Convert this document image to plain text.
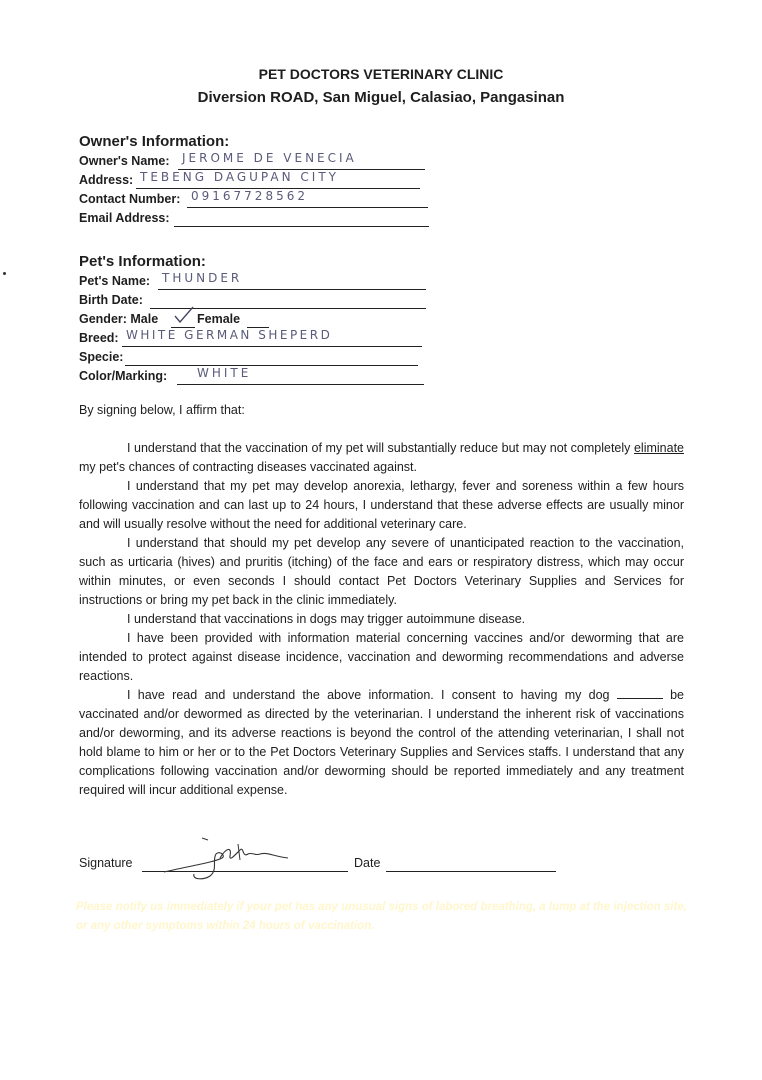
PET DOCTORS VETERINARY CLINIC
Diversion ROAD, San Miguel, Calasiao, Pangasinan
Owner's Information:
Owner's Name: JEROME DE VENECIA
Address: TEBENG DAGUPAN CITY
Contact Number: 09167728562
Email Address:
Pet's Information:
Pet's Name: THUNDER
Birth Date:
Gender: Male	Female
Breed: WHITE GERMAN SHEPERD
Specie:
Color/Marking: WHITE
By signing below, I affirm that:

I understand that the vaccination of my pet will substantially reduce but may not completely eliminate my pet's chances of contracting diseases vaccinated against.

I understand that my pet may develop anorexia, lethargy, fever and soreness within a few hours following vaccination and can last up to 24 hours, I understand that these adverse effects are usually minor and will usually resolve without the need for additional veterinary care.

I understand that should my pet develop any severe of unanticipated reaction to the vaccination, such as urticaria (hives) and pruritis (itching) of the face and ears or respiratory distress, which may occur within minutes, or even seconds I should contact Pet Doctors Veterinary Supplies and Services for instructions or bring my pet back in the clinic immediately.

I understand that vaccinations in dogs may trigger autoimmune disease.

I have been provided with information material concerning vaccines and/or deworming that are intended to protect against disease incidence, vaccination and deworming recommendations and adverse reactions.

I have read and understand the above information. I consent to having my dog	be vaccinated and/or dewormed as directed by the veterinarian. I understand the inherent risk of vaccinations and/or deworming, and its adverse reactions is beyond the control of the attending veterinarian, I shall not hold blame to him or her or to the Pet Doctors Veterinary Supplies and Services staffs. I understand that any complications following vaccination and/or deworming should be reported immediately and any treatment required will incur additional expense.

Signature	Date
Please notify us immediately if your pet has any unusual signs of labored breathing, a lump at the injection site, or any other symptoms within 24 hours of vaccination.
